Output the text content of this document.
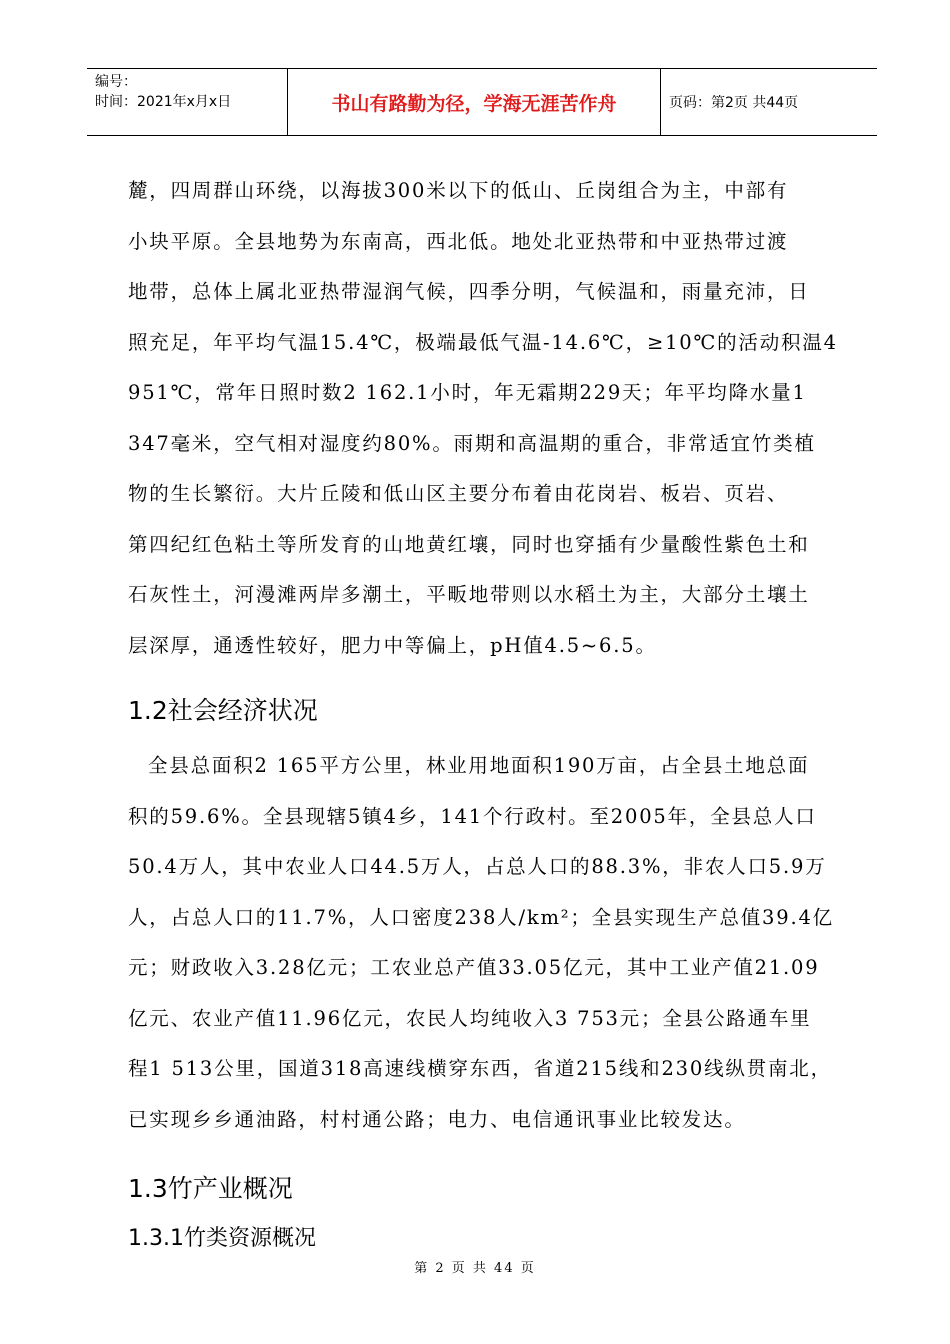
编号：
时间：2021年x月x日	书山有路勤为径，学海无涯苦作舟	页码：第2页 共44页
麓，四周群山环绕，以海拔300米以下的低山、丘岗组合为主，中部有
小块平原。全县地势为东南高，西北低。地处北亚热带和中亚热带过渡
地带，总体上属北亚热带湿润气候，四季分明，气候温和，雨量充沛，日
照充足，年平均气温15.4℃，极端最低气温-14.6℃，≥10℃的活动积温4
951℃，常年日照时数2 162.1小时，年无霜期229天；年平均降水量1
347毫米，空气相对湿度约80%。雨期和高温期的重合，非常适宜竹类植
物的生长繁衍。大片丘陵和低山区主要分布着由花岗岩、板岩、页岩、
第四纪红色粘土等所发育的山地黄红壤，同时也穿插有少量酸性紫色土和
石灰性土，河漫滩两岸多潮土，平畈地带则以水稻土为主，大部分土壤土
层深厚，通透性较好，肥力中等偏上，pH值4.5~6.5。
1.2社会经济状况
全县总面积2 165平方公里，林业用地面积190万亩，占全县土地总面
积的59.6%。全县现辖5镇4乡，141个行政村。至2005年，全县总人口
50.4万人，其中农业人口44.5万人，占总人口的88.3%，非农人口5.9万
人，占总人口的11.7%，人口密度238人/km²；全县实现生产总值39.4亿
元；财政收入3.28亿元；工农业总产值33.05亿元，其中工业产值21.09
亿元、农业产值11.96亿元，农民人均纯收入3 753元；全县公路通车里
程1 513公里，国道318高速线横穿东西，省道215线和230线纵贯南北，
已实现乡乡通油路，村村通公路；电力、电信通讯事业比较发达。
1.3竹产业概况
1.3.1竹类资源概况
第 2 页 共 44 页
